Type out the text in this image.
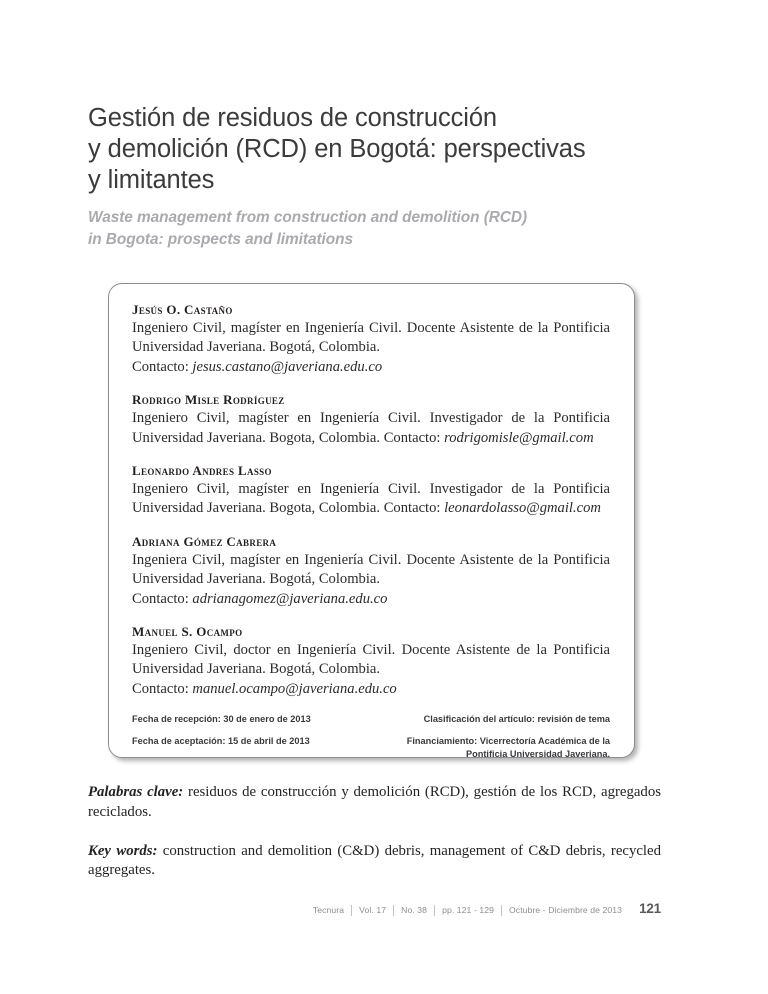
Gestión de residuos de construcción
y demolición (RCD) en Bogotá: perspectivas
y limitantes

Waste management from construction and demolition (RCD)
in Bogota: prospects and limitations

Jesús O. Castaño

Ingeniero Civil, magíster en Ingeniería Civil. Docente Asistente de la Pontificia Universidad Javeriana. Bogotá, Colombia.
Contacto: jesus.castano@javeriana.edu.co

Rodrigo Misle Rodríguez

Ingeniero Civil, magíster en Ingeniería Civil. Investigador de la Pontificia Universidad Javeriana. Bogota, Colombia. Contacto: rodrigomisle@gmail.com

Leonardo Andres Lasso

Ingeniero Civil, magíster en Ingeniería Civil. Investigador de la Pontificia Universidad Javeriana. Bogota, Colombia. Contacto: leonardolasso@gmail.com

Adriana Gómez Cabrera

Ingeniera Civil, magíster en Ingeniería Civil. Docente Asistente de la Pontificia Universidad Javeriana. Bogotá, Colombia.
Contacto: adrianagomez@javeriana.edu.co

Manuel S. Ocampo

Ingeniero Civil, doctor en Ingeniería Civil. Docente Asistente de la Pontificia Universidad Javeriana. Bogotá, Colombia.
Contacto: manuel.ocampo@javeriana.edu.co

Fecha de recepción: 30 de enero de 2013	Clasificación del artículo: revisión de tema
Fecha de aceptación: 15 de abril de 2013	Financiamiento: Vicerrectoría Académica de la
Pontificia Universidad Javeriana.

Palabras clave: residuos de construcción y demolición (RCD), gestión de los RCD, agregados reciclados.

Key words: construction and demolition (C&D) debris, management of C&D debris, recycled aggregates.

Tecnura	Vol. 17	No. 38	pp. 121 - 129	Octubre - Diciembre de 2013	121
